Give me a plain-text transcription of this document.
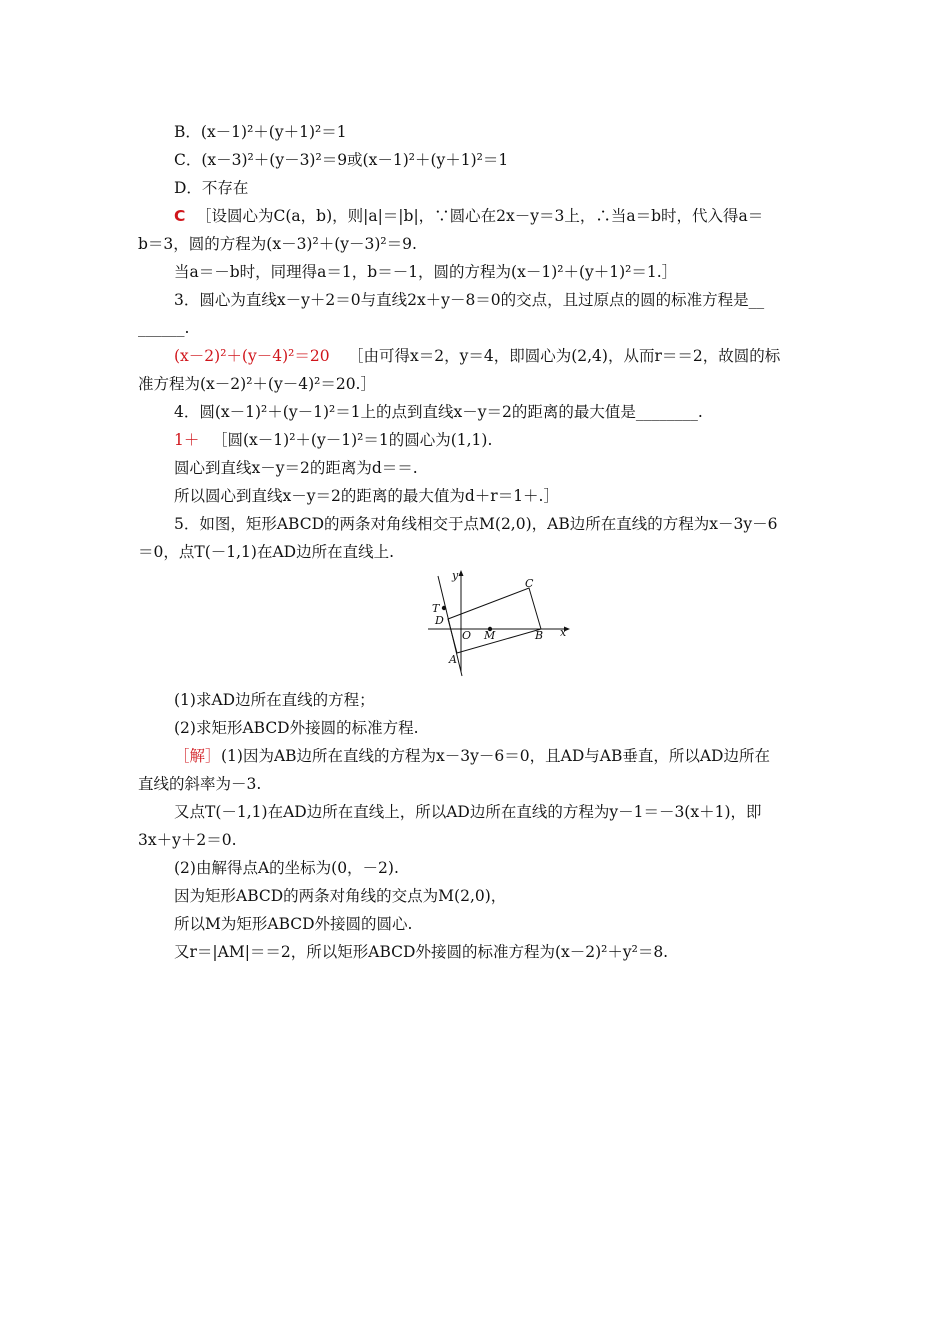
B．(x－1)²＋(y＋1)²＝1
C．(x－3)²＋(y－3)²＝9或(x－1)²＋(y＋1)²＝1
D．不存在
C ［设圆心为C(a，b)，则|a|＝|b|，∵圆心在2x－y＝3上，∴当a＝b时，代入得a＝
b＝3，圆的方程为(x－3)²＋(y－3)²＝9.
当a＝－b时，同理得a＝1，b＝－1，圆的方程为(x－1)²＋(y＋1)²＝1.］
3．圆心为直线x－y＋2＝0与直线2x＋y－8＝0的交点，且过原点的圆的标准方程是__
______.
(x－2)²＋(y－4)²＝20 ［由可得x＝2，y＝4，即圆心为(2,4)，从而r＝＝2，故圆的标
准方程为(x－2)²＋(y－4)²＝20.］
4．圆(x－1)²＋(y－1)²＝1上的点到直线x－y＝2的距离的最大值是________.
1＋ ［圆(x－1)²＋(y－1)²＝1的圆心为(1,1).
圆心到直线x－y＝2的距离为d＝＝.
所以圆心到直线x－y＝2的距离的最大值为d＋r＝1＋.］
5．如图，矩形ABCD的两条对角线相交于点M(2,0)，AB边所在直线的方程为x－3y－6
＝0，点T(－1,1)在AD边所在直线上.
x
y
T
D
O M	B
A
C
(1)求AD边所在直线的方程；
(2)求矩形ABCD外接圆的标准方程.
［解］ (1)因为AB边所在直线的方程为x－3y－6＝0，且AD与AB垂直，所以AD边所在
直线的斜率为－3.
又点T(－1,1)在AD边所在直线上，所以AD边所在直线的方程为y－1＝－3(x＋1)，即
3x＋y＋2＝0.
(2)由解得点A的坐标为(0，－2).
因为矩形ABCD的两条对角线的交点为M(2,0)，
所以M为矩形ABCD外接圆的圆心.
又r＝|AM|＝＝2，所以矩形ABCD外接圆的标准方程为(x－2)²＋y²＝8.
